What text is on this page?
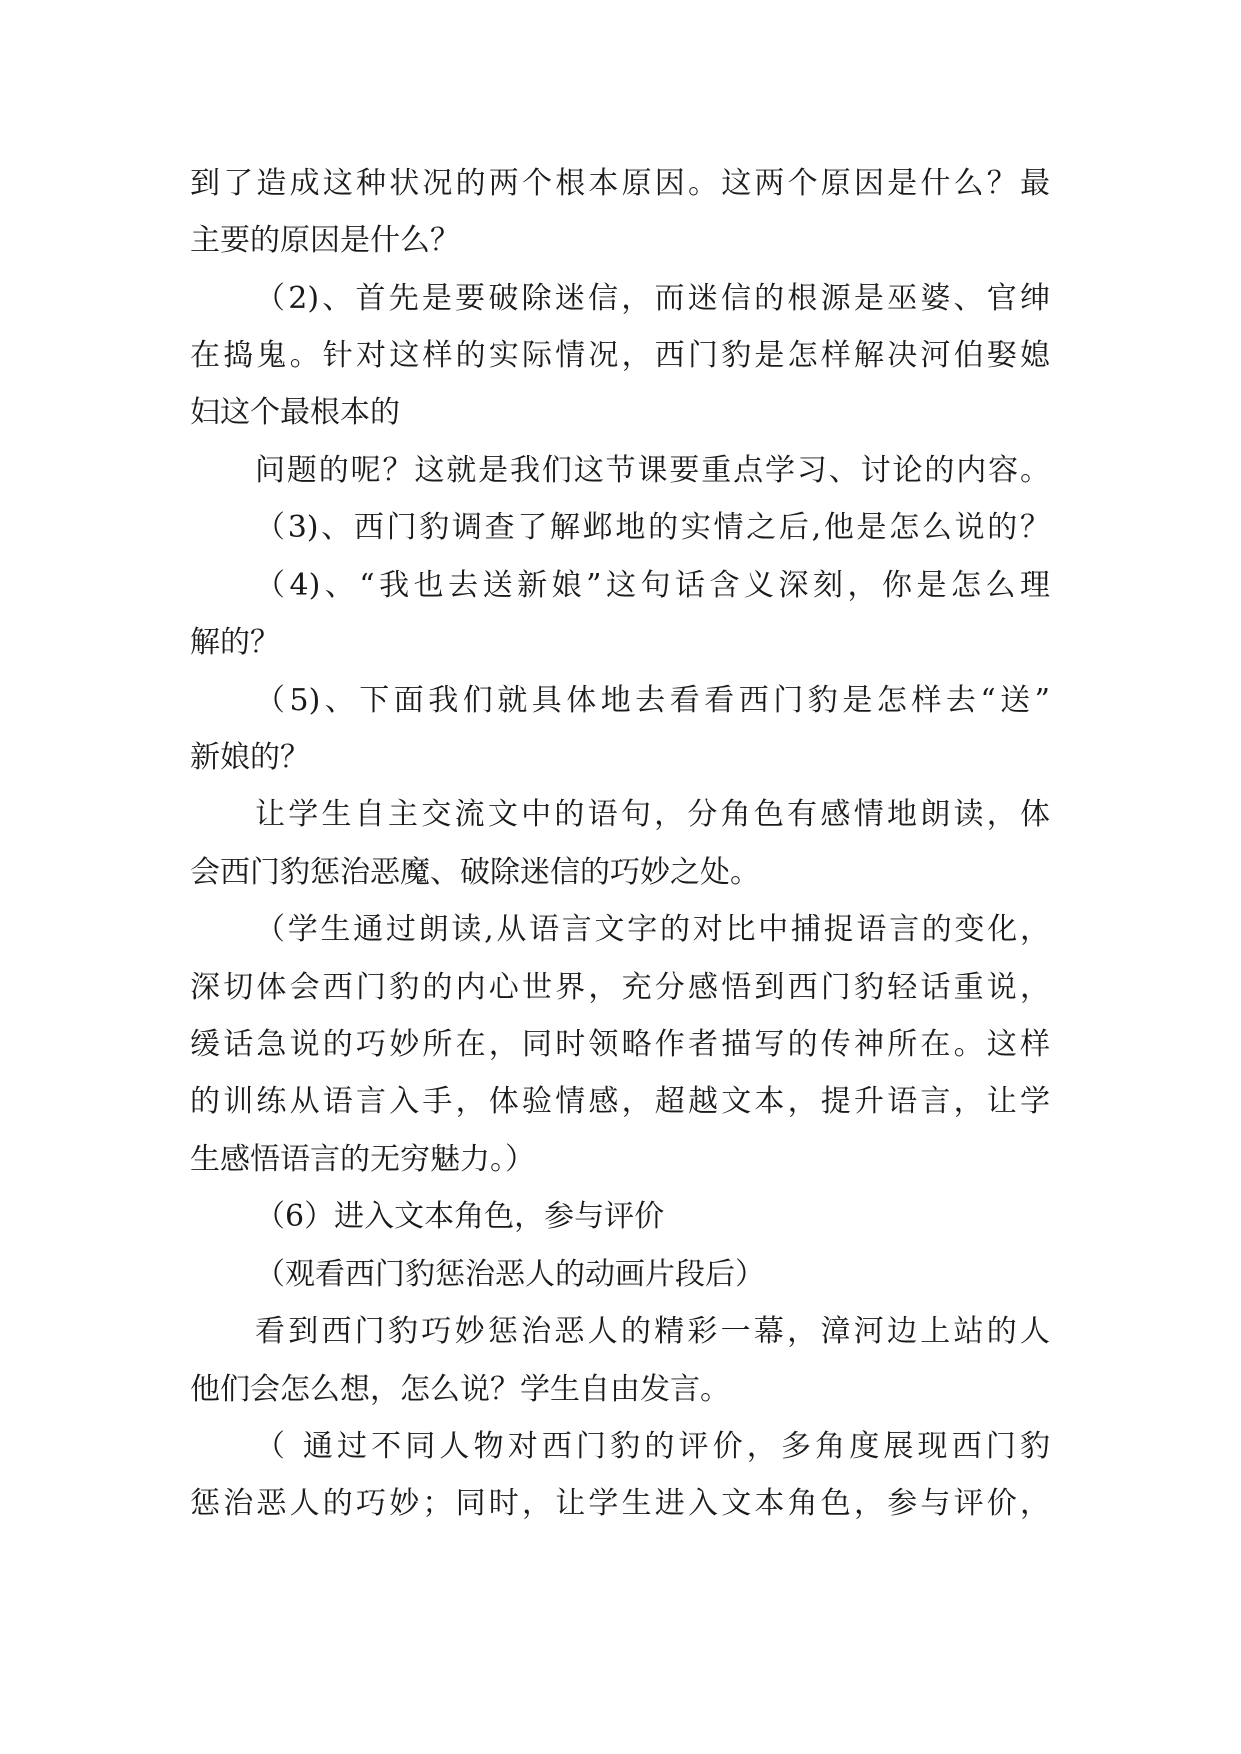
到了造成这种状况的两个根本原因。这两个原因是什么？最
主要的原因是什么？
（2)、首先是要破除迷信，而迷信的根源是巫婆、官绅
在捣鬼。针对这样的实际情况，西门豹是怎样解决河伯娶媳
妇这个最根本的
问题的呢？这就是我们这节课要重点学习、讨论的内容。
（3)、西门豹调查了解邺地的实情之后,他是怎么说的？
（4)、“我也去送新娘”这句话含义深刻，你是怎么理
解的？
（5)、下面我们就具体地去看看西门豹是怎样去“送”
新娘的？
让学生自主交流文中的语句，分角色有感情地朗读，体
会西门豹惩治恶魔、破除迷信的巧妙之处。
（学生通过朗读,从语言文字的对比中捕捉语言的变化，
深切体会西门豹的内心世界，充分感悟到西门豹轻话重说，
缓话急说的巧妙所在，同时领略作者描写的传神所在。这样
的训练从语言入手，体验情感，超越文本，提升语言，让学
生感悟语言的无穷魅力。）
（6）进入文本角色，参与评价
（观看西门豹惩治恶人的动画片段后）
看到西门豹巧妙惩治恶人的精彩一幕，漳河边上站的人
他们会怎么想，怎么说？学生自由发言。
（ 通过不同人物对西门豹的评价，多角度展现西门豹
惩治恶人的巧妙；同时，让学生进入文本角色，参与评价，
